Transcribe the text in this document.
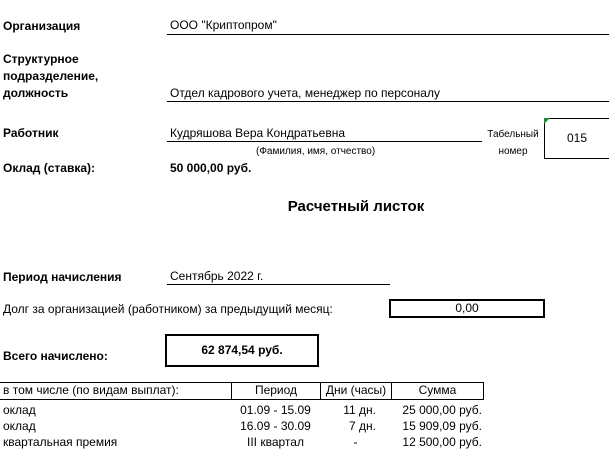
Организация	ООО "Криптопром"
Структурное
подразделение,
должность	Отдел кадрового учета, менеджер по персоналу
Работник	Кудряшова Вера Кондратьевна
(Фамилия, имя, отчество)
Табельный
номер
015
Оклад (ставка):	50 000,00 руб.
Расчетный листок
Период начисления	Сентябрь 2022 г.
Долг за организацией (работником) за предыдущий месяц:	0,00
Всего начислено:	62 874,54 руб.
в том числе (по видам выплат):	Период	Дни (часы)	Сумма
оклад	01.09 - 15.09	11 дн.	25 000,00 руб.
оклад	16.09 - 30.09	7 дн.	15 909,09 руб.
квартальная премия	III квартал	-	12 500,00 руб.
